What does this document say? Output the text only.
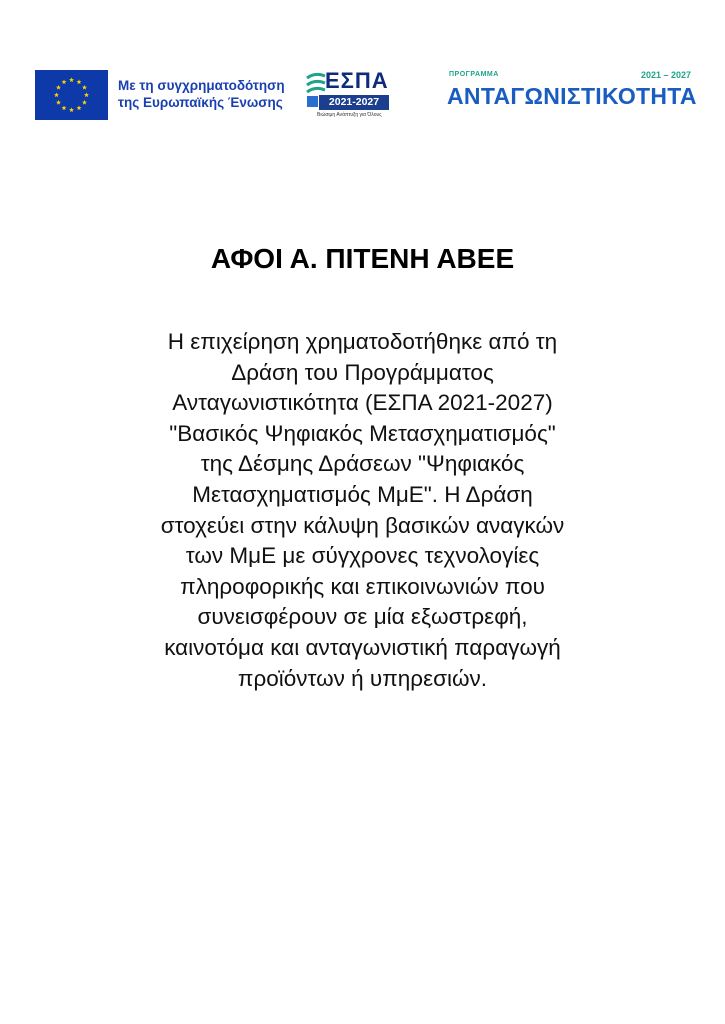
Με τη συγχρηματοδότηση
της Ευρωπαϊκής Ένωσης
ΕΣΠΑ
2021-2027
Βιώσιμη Ανάπτυξη για Όλους
ΠΡΟΓΡΑΜΜΑ	2021 – 2027
ΑΝΤΑΓΩΝΙΣΤΙΚΟΤΗΤΑ
ΑΦΟΙ Α. ΠΙΤΕΝΗ ΑΒΕΕ
Η επιχείρηση χρηματοδοτήθηκε από τη
Δράση του Προγράμματος
Ανταγωνιστικότητα (ΕΣΠΑ 2021-2027)
"Βασικός Ψηφιακός Μετασχηματισμός"
της Δέσμης Δράσεων "Ψηφιακός
Μετασχηματισμός ΜμΕ". Η Δράση
στοχεύει στην κάλυψη βασικών αναγκών
των ΜμΕ με σύγχρονες τεχνολογίες
πληροφορικής και επικοινωνιών που
συνεισφέρουν σε μία εξωστρεφή,
καινοτόμα και ανταγωνιστική παραγωγή
προϊόντων ή υπηρεσιών.
